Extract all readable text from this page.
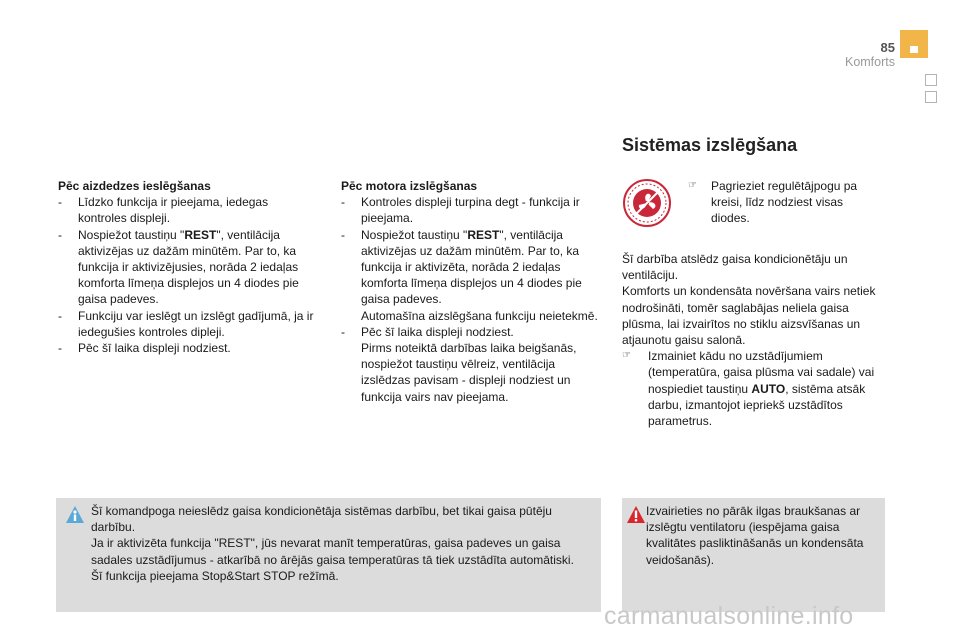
85
Komforts
Pēc aizdedzes ieslēgšanas
- Līdzko funkcija ir pieejama, iedegas kontroles displeji.
- Nospiežot taustiņu "REST", ventilācija aktivizējas uz dažām minūtēm. Par to, ka funkcija ir aktivizējusies, norāda 2 iedaļas komforta līmeņa displejos un 4 diodes pie gaisa padeves.
- Funkciju var ieslēgt un izslēgt gadījumā, ja ir iedegušies kontroles dipleji.
- Pēc šī laika displeji nodziest.
Pēc motora izslēgšanas
- Kontroles displeji turpina degt - funkcija ir pieejama.
- Nospiežot taustiņu "REST", ventilācija aktivizējas uz dažām minūtēm. Par to, ka funkcija ir aktivizēta, norāda 2 iedaļas komforta līmeņa displejos un 4 diodes pie gaisa padeves.
Automašīna aizslēgšana funkciju neietekmē.
- Pēc šī laika displeji nodziest.
Pirms noteiktā darbības laika beigšanās, nospiežot taustiņu vēlreiz, ventilācija izslēdzas pavisam - displeji nodziest un funkcija vairs nav pieejama.
Sistēmas izslēgšana
☞	Pagrieziet regulētājpogu pa kreisi, līdz nodziest visas diodes.

Šī darbība atslēdz gaisa kondicionētāju un ventilāciju.

Komforts un kondensāta novēršana vairs netiek nodrošināti, tomēr saglabājas neliela gaisa plūsma, lai izvairītos no stiklu aizsvīšanas un atjaunotu gaisu salonā.

☞	Izmainiet kādu no uzstādījumiem (temperatūra, gaisa plūsma vai sadale) vai nospiediet taustiņu AUTO, sistēma atsāk darbu, izmantojot iepriekš uzstādītos parametrus.

Šī komandpoga neieslēdz gaisa kondicionētāja sistēmas darbību, bet tikai gaisa pūtēju darbību.
Ja ir aktivizēta funkcija "REST", jūs nevarat manīt temperatūras, gaisa padeves un gaisa sadales uzstādījumus - atkarībā no ārējās gaisa temperatūras tā tiek uzstādīta automātiski.
Šī funkcija pieejama Stop&Start STOP režīmā.
Izvairieties no pārāk ilgas braukšanas ar izslēgtu ventilatoru (iespējama gaisa kvalitātes pasliktināšanās un kondensāta veidošanās).
carmanualsonline.info
